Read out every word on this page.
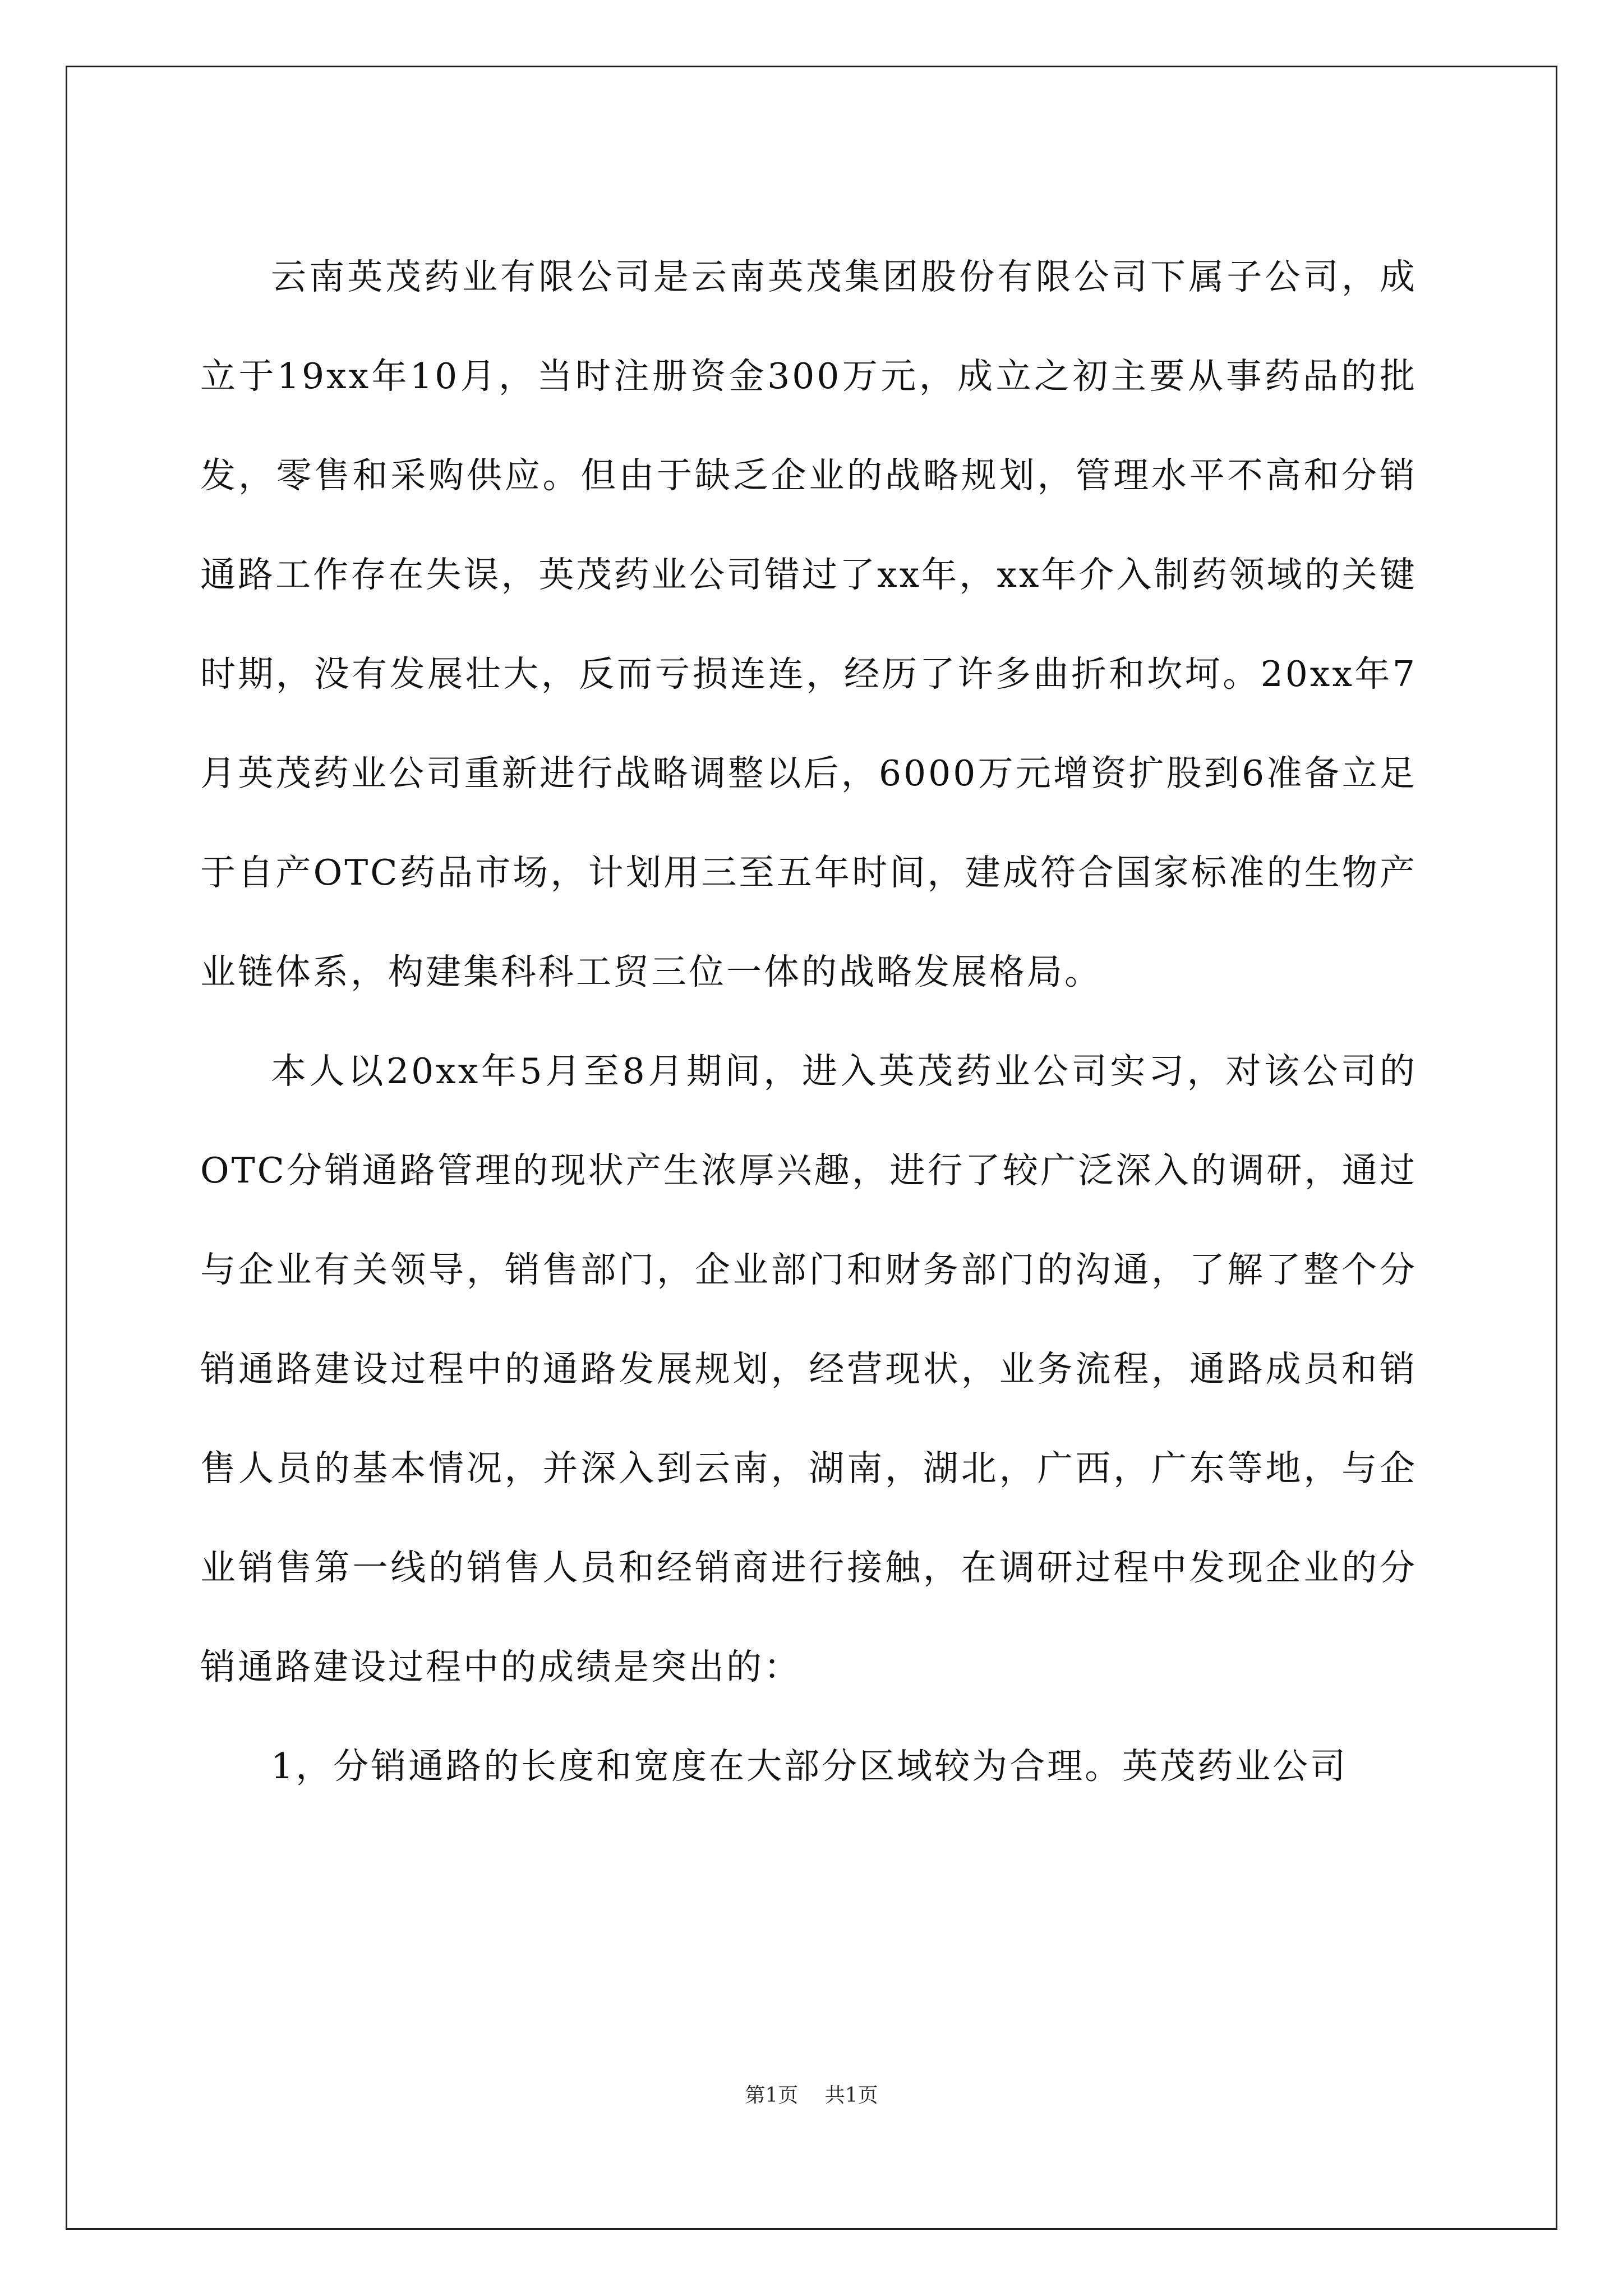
云南英茂药业有限公司是云南英茂集团股份有限公司下属子公司，成立于19xx年10月，当时注册资金300万元，成立之初主要从事药品的批发，零售和采购供应。但由于缺乏企业的战略规划，管理水平不高和分销通路工作存在失误，英茂药业公司错过了xx年，xx年介入制药领域的关键时期，没有发展壮大，反而亏损连连，经历了许多曲折和坎坷。20xx年7月英茂药业公司重新进行战略调整以后，6000万元增资扩股到6准备立足于自产OTC药品市场，计划用三至五年时间，建成符合国家标准的生物产业链体系，构建集科科工贸三位一体的战略发展格局。

本人以20xx年5月至8月期间，进入英茂药业公司实习，对该公司的OTC分销通路管理的现状产生浓厚兴趣，进行了较广泛深入的调研，通过与企业有关领导，销售部门，企业部门和财务部门的沟通，了解了整个分销通路建设过程中的通路发展规划，经营现状，业务流程，通路成员和销售人员的基本情况，并深入到云南，湖南，湖北，广西，广东等地，与企业销售第一线的销售人员和经销商进行接触，在调研过程中发现企业的分销通路建设过程中的成绩是突出的：

1，分销通路的长度和宽度在大部分区域较为合理。英茂药业公司

第1页 共1页
